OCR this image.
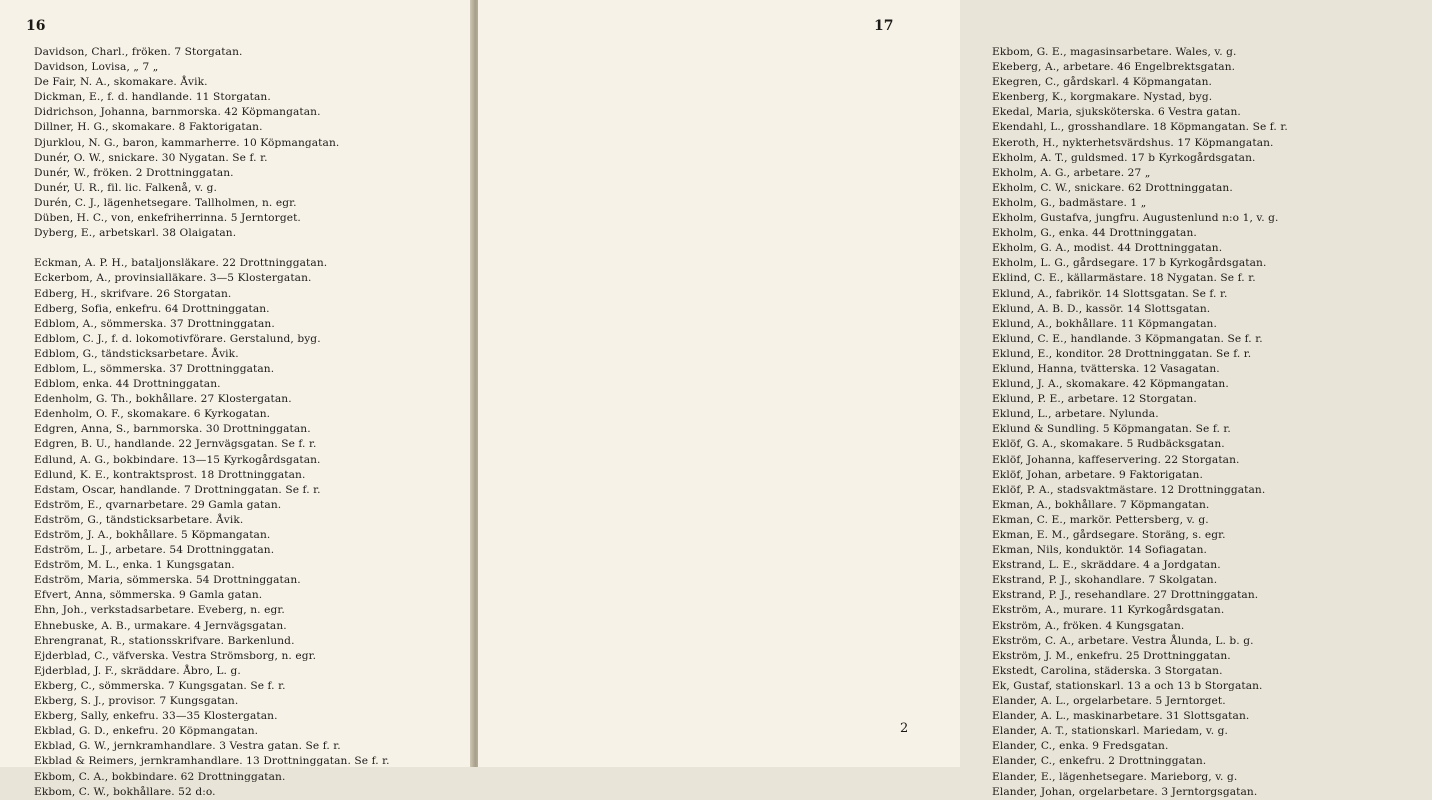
16
Davidson, Charl., fröken. 7 Storgatan.
Davidson, Lovisa, „ 7 „
De Fair, N. A., skomakare. Åvik.
Dickman, E., f. d. handlande. 11 Storgatan.
Didrichson, Johanna, barnmorska. 42 Köpmangatan.
Dillner, H. G., skomakare. 8 Faktorigatan.
Djurklou, N. G., baron, kammarherre. 10 Köpmangatan.
Dunér, O. W., snickare. 30 Nygatan. Se f. r.
Dunér, W., fröken. 2 Drottninggatan.
Dunér, U. R., fil. lic. Falkenå, v. g.
Durén, C. J., lägenhetsegare. Tallholmen, n. egr.
Düben, H. C., von, enkefriherrinna. 5 Jerntorget.
Dyberg, E., arbetskarl. 38 Olaigatan.
Eckman, A. P. H., bataljonsläkare. 22 Drottninggatan.
Eckerbom, A., provinsialläkare. 3—5 Klostergatan.
Edberg, H., skrifvare. 26 Storgatan.
Edberg, Sofia, enkefru. 64 Drottninggatan.
Edblom, A., sömmerska. 37 Drottninggatan.
Edblom, C. J., f. d. lokomotivförare. Gerstalund, byg.
Edblom, G., tändsticksarbetare. Åvik.
Edblom, L., sömmerska. 37 Drottninggatan.
Edblom, enka. 44 Drottninggatan.
Edenholm, G. Th., bokhållare. 27 Klostergatan.
Edenholm, O. F., skomakare. 6 Kyrkogatan.
Edgren, Anna, S., barnmorska. 30 Drottninggatan.
Edgren, B. U., handlande. 22 Jernvägsgatan. Se f. r.
Edlund, A. G., bokbindare. 13—15 Kyrkogårdsgatan.
Edlund, K. E., kontraktsprost. 18 Drottninggatan.
Edstam, Oscar, handlande. 7 Drottninggatan. Se f. r.
Edström, E., qvarnarbetare. 29 Gamla gatan.
Edström, G., tändsticksarbetare. Åvik.
Edström, J. A., bokhållare. 5 Köpmangatan.
Edström, L. J., arbetare. 54 Drottninggatan.
Edström, M. L., enka. 1 Kungsgatan.
Edström, Maria, sömmerska. 54 Drottninggatan.
Efvert, Anna, sömmerska. 9 Gamla gatan.
Ehn, Joh., verkstadsarbetare. Eveberg, n. egr.
Ehnebuske, A. B., urmakare. 4 Jernvägsgatan.
Ehrengranat, R., stationsskrifvare. Barkenlund.
Ejderblad, C., väfverska. Vestra Strömsborg, n. egr.
Ejderblad, J. F., skräddare. Åbro, L. g.
Ekberg, C., sömmerska. 7 Kungsgatan. Se f. r.
Ekberg, S. J., provisor. 7 Kungsgatan.
Ekberg, Sally, enkefru. 33—35 Klostergatan.
Ekblad, G. D., enkefru. 20 Köpmangatan.
Ekblad, G. W., jernkramhandlare. 3 Vestra gatan. Se f. r.
Ekblad & Reimers, jernkramhandlare. 13 Drottninggatan. Se f. r.
Ekbom, C. A., bokbindare. 62 Drottninggatan.
Ekbom, C. W., bokhållare. 52 d:o.
Ekbom, G. E., magasinsarbetare. Wales, v. g.
Ekeberg, A., arbetare. 46 Engelbrektsgatan.
Ekegren, C., gårdskarl. 4 Köpmangatan.
Ekenberg, K., korgmakare. Nystad, byg.
Ekedal, Maria, sjuksköterska. 6 Vestra gatan.
Ekendahl, L., grosshandlare. 18 Köpmangatan. Se f. r.
Ekeroth, H., nykterhetsvärdshus. 17 Köpmangatan.
Ekholm, A. T., guldsmed. 17 b Kyrkogårdsgatan.
Ekholm, A. G., arbetare. 27 „
Ekholm, C. W., snickare. 62 Drottninggatan.
Ekholm, G., badmästare. 1 „
Ekholm, Gustafva, jungfru. Augustenlund n:o 1, v. g.
Ekholm, G., enka. 44 Drottninggatan.
Ekholm, G. A., modist. 44 Drottninggatan.
Ekholm, L. G., gårdsegare. 17 b Kyrkogårdsgatan.
Eklind, C. E., källarmästare. 18 Nygatan. Se f. r.
Eklund, A., fabrikör. 14 Slottsgatan. Se f. r.
Eklund, A. B. D., kassör. 14 Slottsgatan.
Eklund, A., bokhållare. 11 Köpmangatan.
Eklund, C. E., handlande. 3 Köpmangatan. Se f. r.
Eklund, E., konditor. 28 Drottninggatan. Se f. r.
Eklund, Hanna, tvätterska. 12 Vasagatan.
Eklund, J. A., skomakare. 42 Köpmangatan.
Eklund, P. E., arbetare. 12 Storgatan.
Eklund, L., arbetare. Nylunda.
Eklund & Sundling. 5 Köpmangatan. Se f. r.
Eklöf, G. A., skomakare. 5 Rudbäcksgatan.
Eklöf, Johanna, kaffeservering. 22 Storgatan.
Eklöf, Johan, arbetare. 9 Faktorigatan.
Eklöf, P. A., stadsvaktmästare. 12 Drottninggatan.
Ekman, A., bokhållare. 7 Köpmangatan.
Ekman, C. E., markör. Pettersberg, v. g.
Ekman, E. M., gårdsegare. Storäng, s. egr.
Ekman, Nils, konduktör. 14 Sofiagatan.
Ekstrand, L. E., skräddare. 4 a Jordgatan.
Ekstrand, P. J., skohandlare. 7 Skolgatan.
Ekstrand, P. J., resehandlare. 27 Drottninggatan.
Ekström, A., murare. 11 Kyrkogårdsgatan.
Ekström, A., fröken. 4 Kungsgatan.
Ekström, C. A., arbetare. Vestra Ålunda, L. b. g.
Ekström, J. M., enkefru. 25 Drottninggatan.
Ekstedt, Carolina, städerska. 3 Storgatan.
Ek, Gustaf, stationskarl. 13 a och 13 b Storgatan.
Elander, A. L., orgelarbetare. 5 Jerntorget.
Elander, A. L., maskinarbetare. 31 Slottsgatan.
Elander, A. T., stationskarl. Mariedam, v. g.
Elander, C., enka. 9 Fredsgatan.
Elander, C., enkefru. 2 Drottninggatan.
Elander, E., lägenhetsegare. Marieborg, v. g.
Elander, Johan, orgelarbetare. 3 Jerntorgsgatan.
17
2
